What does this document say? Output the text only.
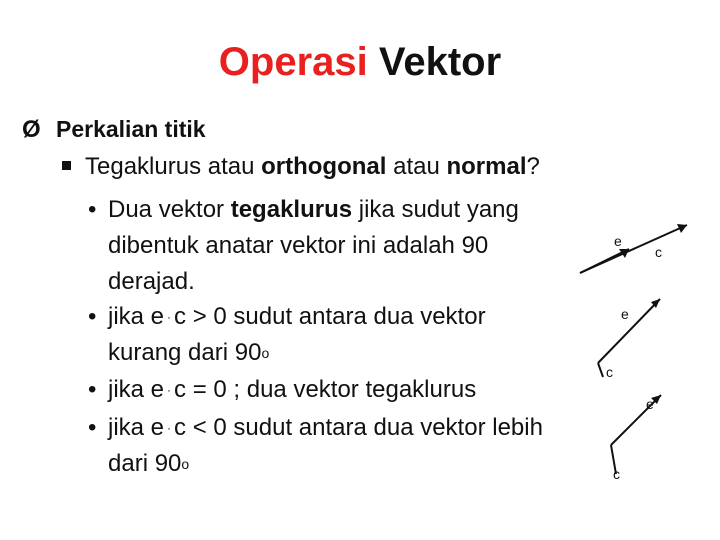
Operasi Vektor
Ø Perkalian titik
Tegaklurus atau orthogonal atau normal?
• Dua vektor tegaklurus jika sudut yang
dibentuk anatar vektor ini adalah 90
derajad.
• jika e · c > 0 sudut antara dua vektor
kurang dari 90$^o$
• jika e · c = 0 ; dua vektor tegaklurus
• jika e · c < 0 sudut antara dua vektor lebih
dari 90$^o$
e
c
e
c
e
c
